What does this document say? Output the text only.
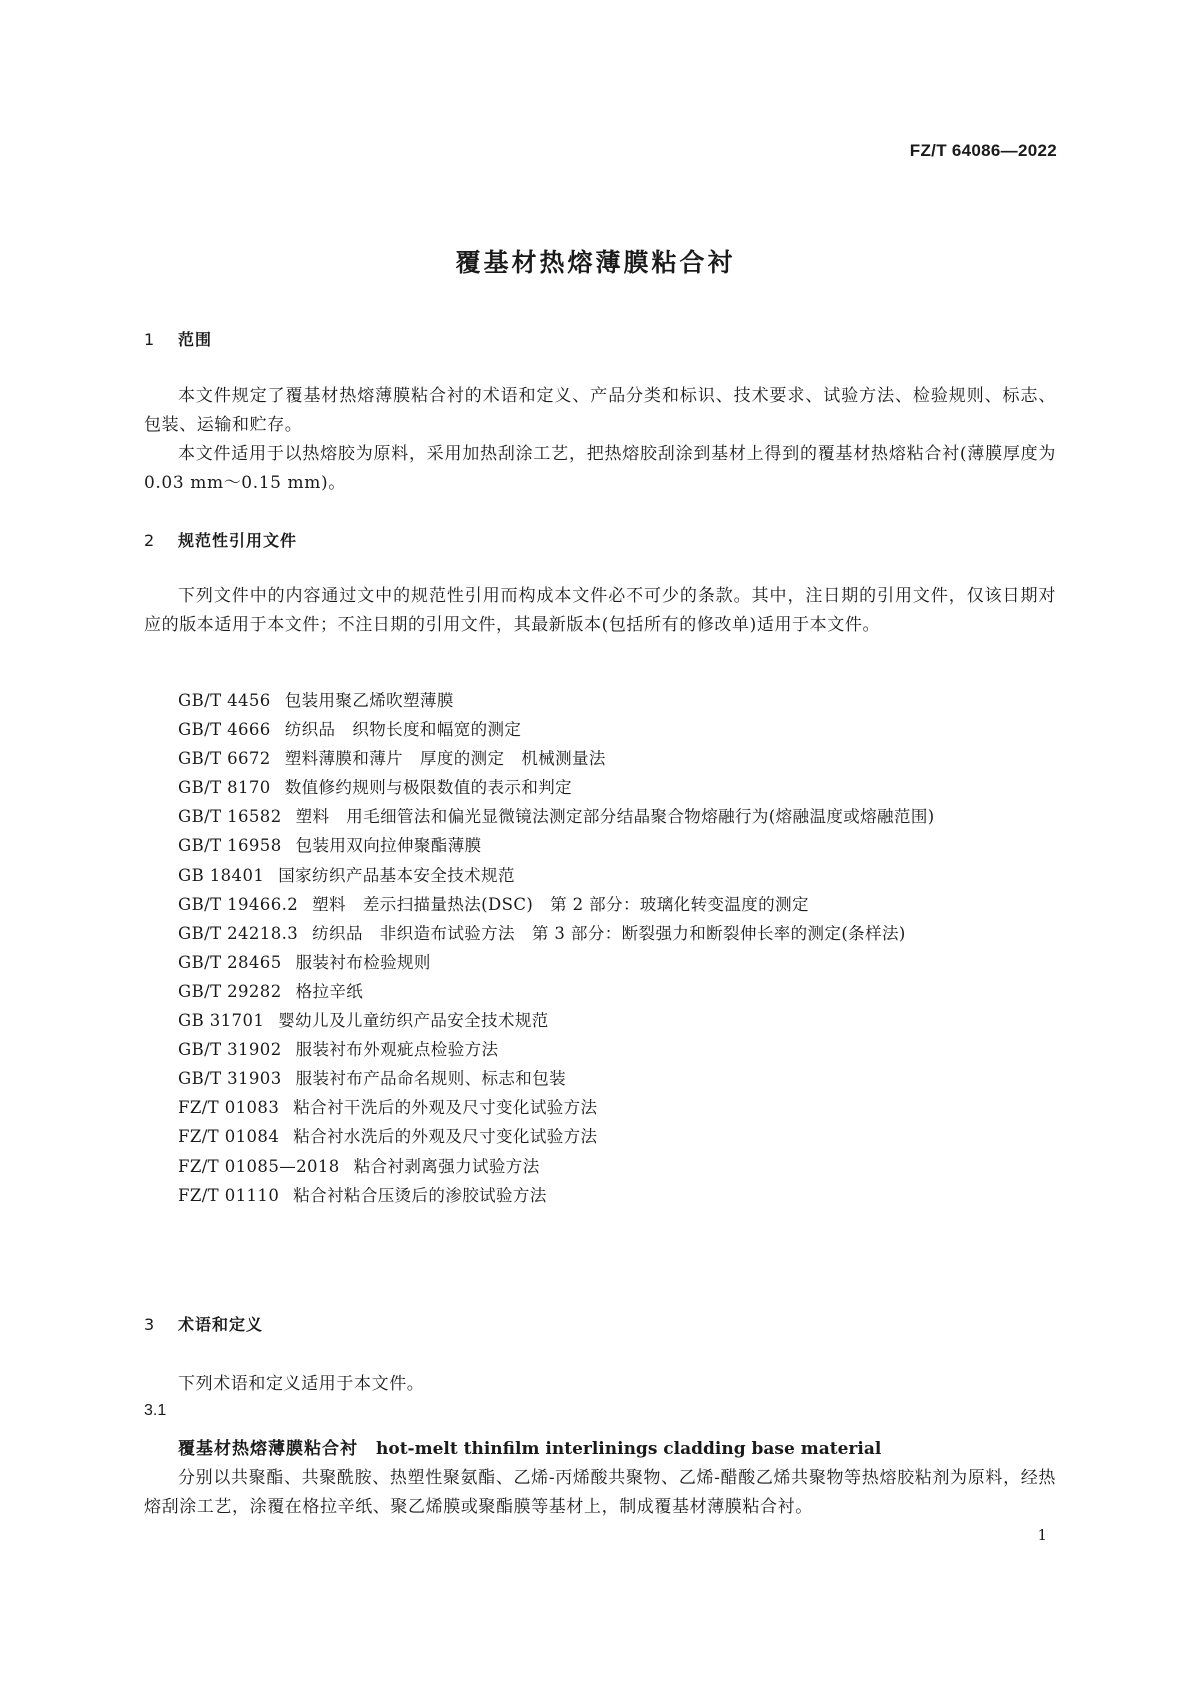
FZ/T 64086—2022
覆基材热熔薄膜粘合衬
1 范围

本文件规定了覆基材热熔薄膜粘合衬的术语和定义、产品分类和标识、技术要求、试验方法、检验规则、标志、包装、运输和贮存。

本文件适用于以热熔胶为原料，采用加热刮涂工艺，把热熔胶刮涂到基材上得到的覆基材热熔粘合衬(薄膜厚度为 0.03 mm～0.15 mm)。

2 规范性引用文件

下列文件中的内容通过文中的规范性引用而构成本文件必不可少的条款。其中，注日期的引用文件，仅该日期对应的版本适用于本文件；不注日期的引用文件，其最新版本(包括所有的修改单)适用于本文件。

GB/T 4456 包装用聚乙烯吹塑薄膜
GB/T 4666 纺织品　织物长度和幅宽的测定
GB/T 6672 塑料薄膜和薄片　厚度的测定　机械测量法
GB/T 8170 数值修约规则与极限数值的表示和判定
GB/T 16582 塑料　用毛细管法和偏光显微镜法测定部分结晶聚合物熔融行为(熔融温度或熔融范围)
GB/T 16958 包装用双向拉伸聚酯薄膜
GB 18401 国家纺织产品基本安全技术规范
GB/T 19466.2 塑料　差示扫描量热法(DSC)　第 2 部分：玻璃化转变温度的测定
GB/T 24218.3 纺织品　非织造布试验方法　第 3 部分：断裂强力和断裂伸长率的测定(条样法)
GB/T 28465 服装衬布检验规则
GB/T 29282 格拉辛纸
GB 31701 婴幼儿及儿童纺织产品安全技术规范
GB/T 31902 服装衬布外观疵点检验方法
GB/T 31903 服装衬布产品命名规则、标志和包装
FZ/T 01083 粘合衬干洗后的外观及尺寸变化试验方法
FZ/T 01084 粘合衬水洗后的外观及尺寸变化试验方法
FZ/T 01085—2018 粘合衬剥离强力试验方法
FZ/T 01110 粘合衬粘合压烫后的渗胶试验方法
3 术语和定义

下列术语和定义适用于本文件。

3.1
覆基材热熔薄膜粘合衬 hot-melt thinfilm interlinings cladding base material

分别以共聚酯、共聚酰胺、热塑性聚氨酯、乙烯-丙烯酸共聚物、乙烯-醋酸乙烯共聚物等热熔胶粘剂为原料，经热熔刮涂工艺，涂覆在格拉辛纸、聚乙烯膜或聚酯膜等基材上，制成覆基材薄膜粘合衬。

1
